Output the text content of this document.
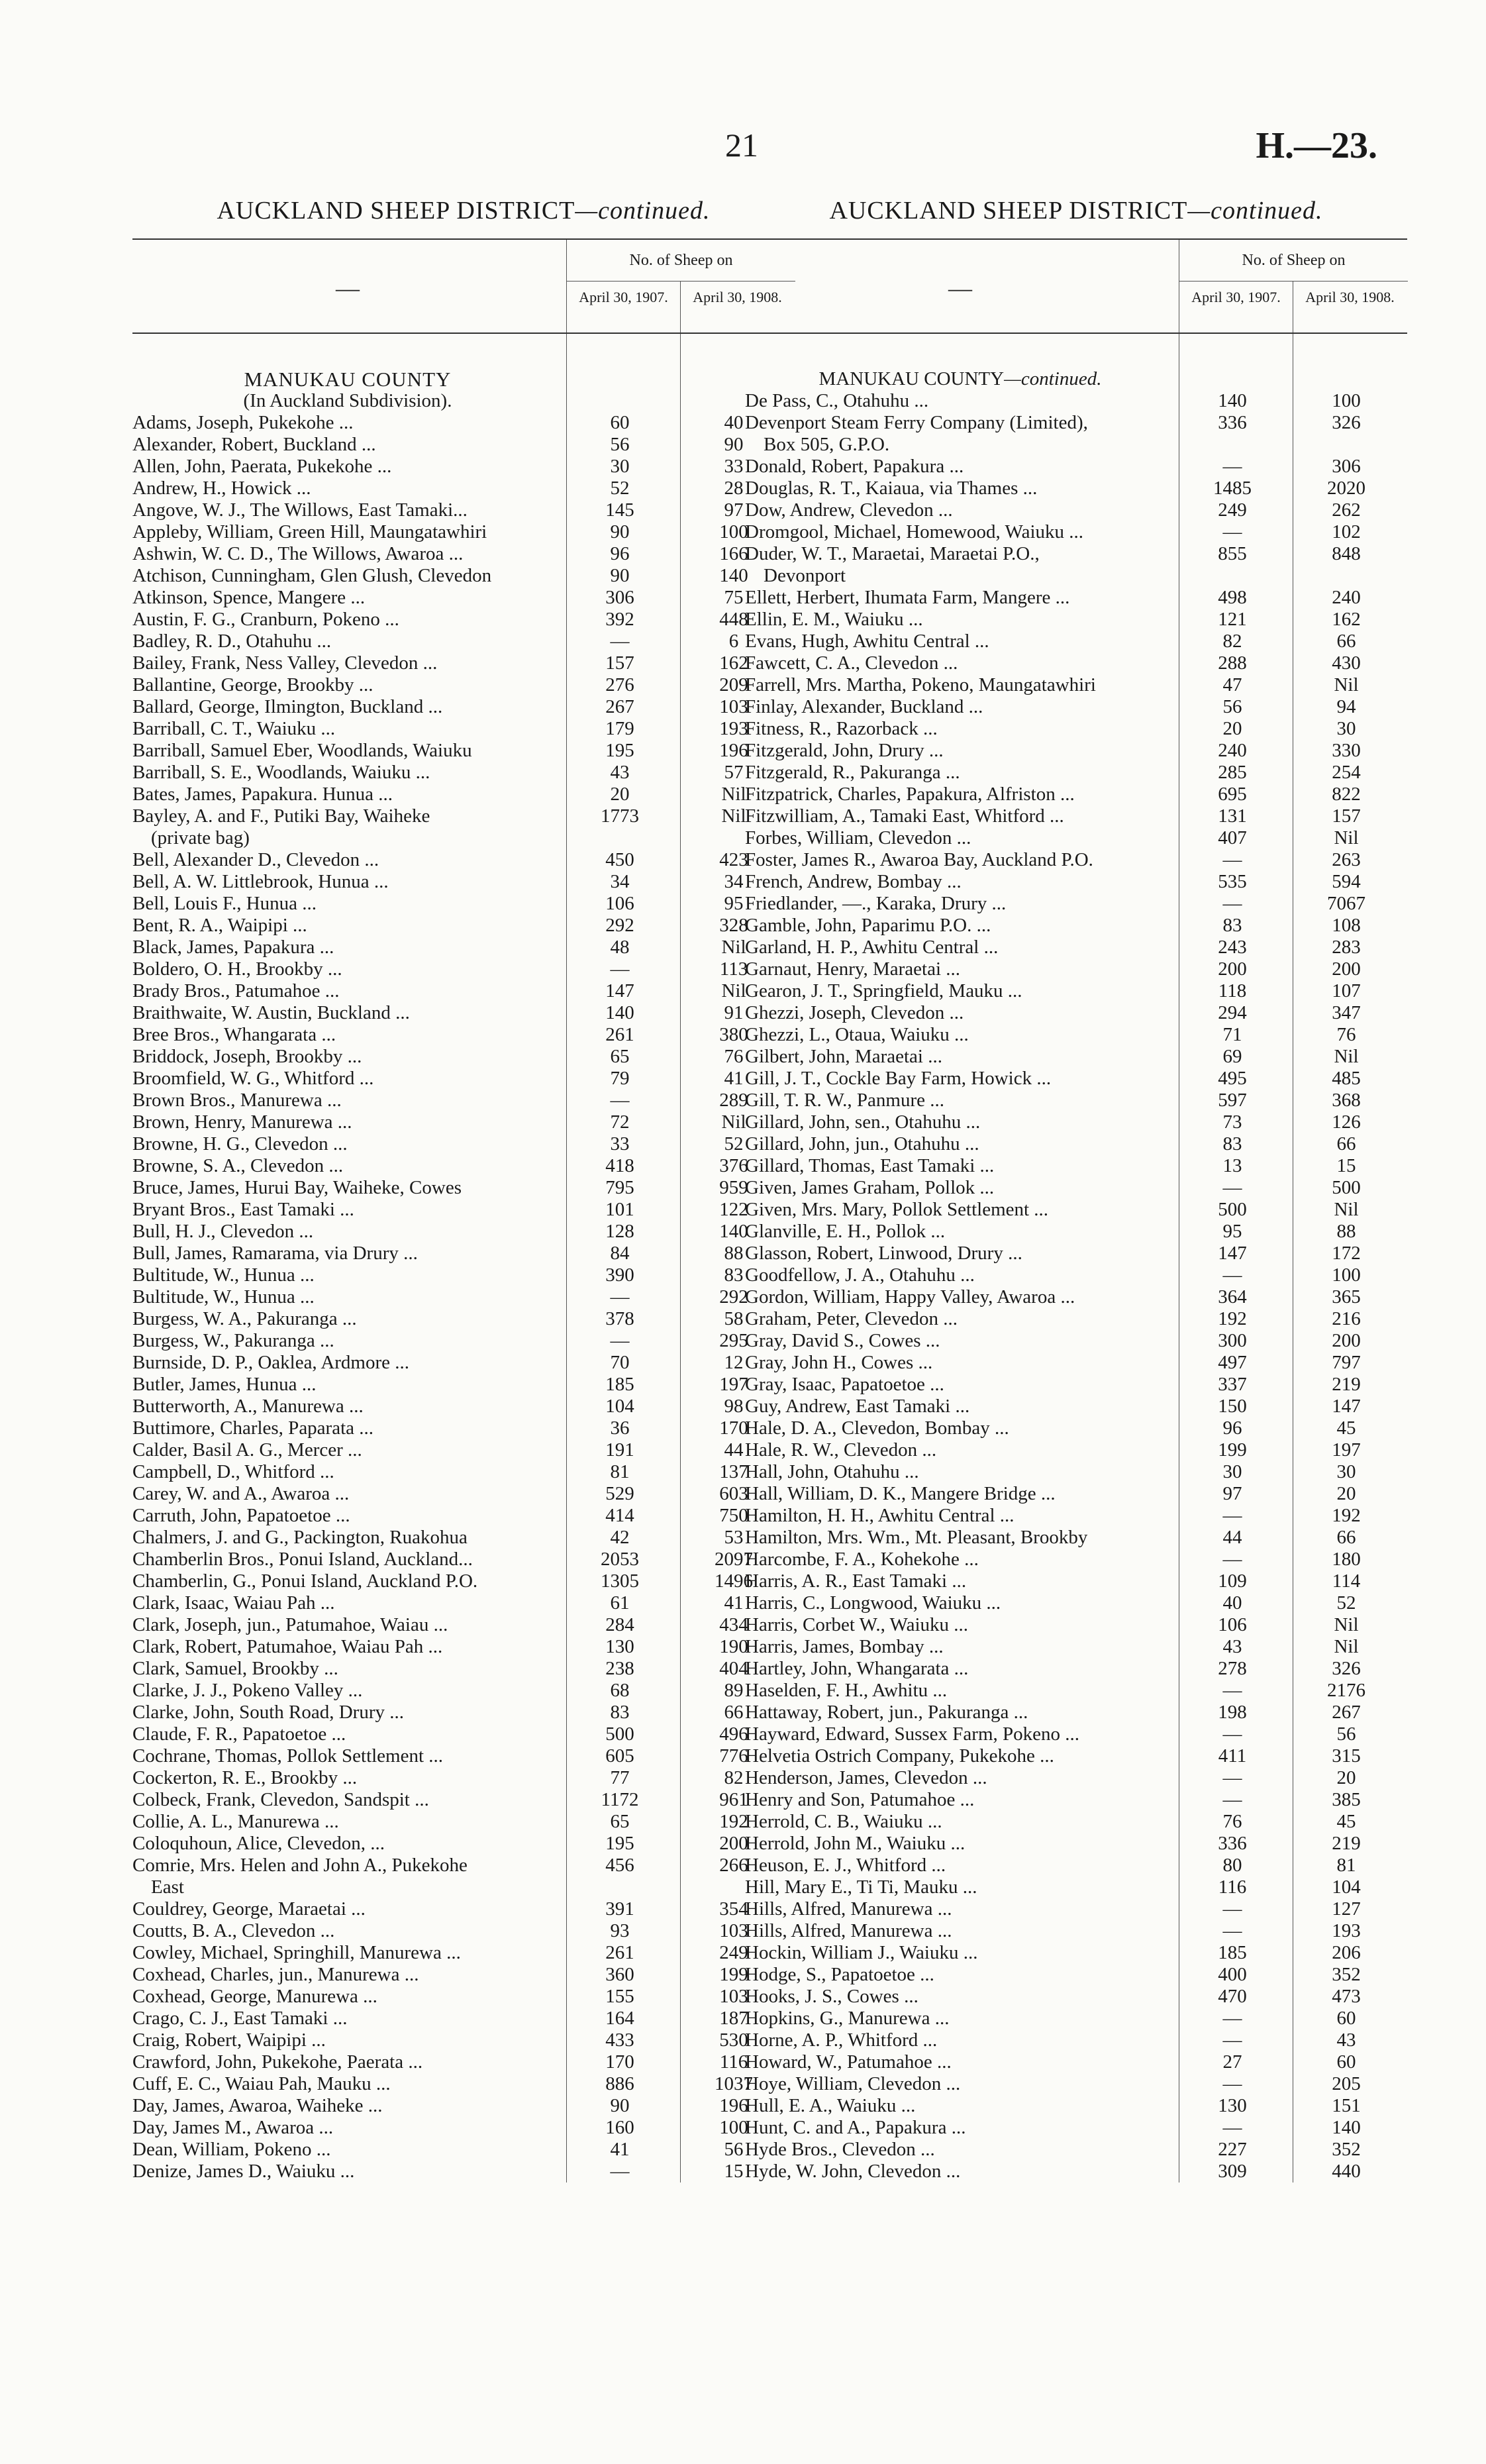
21	H.—23.
AUCKLAND SHEEP DISTRICT—continued.
—
No. of Sheep on
April 30, 1907.	April 30, 1908.
MANUKAU COUNTY
(In Auckland Subdivision).
Adams, Joseph, Pukekohe ...	60	40
Alexander, Robert, Buckland ...	56	90
Allen, John, Paerata, Pukekohe ...	30	33
Andrew, H., Howick ...	52	28
Angove, W. J., The Willows, East Tamaki...	145	97
Appleby, William, Green Hill, Maungatawhiri	90	100
Ashwin, W. C. D., The Willows, Awaroa ...	96	166
Atchison, Cunningham, Glen Glush, Clevedon	90	140
Atkinson, Spence, Mangere ...	306	75
Austin, F. G., Cranburn, Pokeno ...	392	448
Badley, R. D., Otahuhu ...	—	6
Bailey, Frank, Ness Valley, Clevedon ...	157	162
Ballantine, George, Brookby ...	276	209
Ballard, George, Ilmington, Buckland ...	267	103
Barriball, C. T., Waiuku ...	179	193
Barriball, Samuel Eber, Woodlands, Waiuku	195	196
Barriball, S. E., Woodlands, Waiuku ...	43	57
Bates, James, Papakura. Hunua ...	20	Nil
Bayley, A. and F., Putiki Bay, Waiheke	1773	Nil
(private bag)
Bell, Alexander D., Clevedon ...	450	423
Bell, A. W. Littlebrook, Hunua ...	34	34
Bell, Louis F., Hunua ...	106	95
Bent, R. A., Waipipi ...	292	328
Black, James, Papakura ...	48	Nil
Boldero, O. H., Brookby ...	—	113
Brady Bros., Patumahoe ...	147	Nil
Braithwaite, W. Austin, Buckland ...	140	91
Bree Bros., Whangarata ...	261	380
Briddock, Joseph, Brookby ...	65	76
Broomfield, W. G., Whitford ...	79	41
Brown Bros., Manurewa ...	—	289
Brown, Henry, Manurewa ...	72	Nil
Browne, H. G., Clevedon ...	33	52
Browne, S. A., Clevedon ...	418	376
Bruce, James, Hurui Bay, Waiheke, Cowes	795	959
Bryant Bros., East Tamaki ...	101	122
Bull, H. J., Clevedon ...	128	140
Bull, James, Ramarama, via Drury ...	84	88
Bultitude, W., Hunua ...	390	83
Bultitude, W., Hunua ...	—	292
Burgess, W. A., Pakuranga ...	378	58
Burgess, W., Pakuranga ...	—	295
Burnside, D. P., Oaklea, Ardmore ...	70	12
Butler, James, Hunua ...	185	197
Butterworth, A., Manurewa ...	104	98
Buttimore, Charles, Paparata ...	36	170
Calder, Basil A. G., Mercer ...	191	44
Campbell, D., Whitford ...	81	137
Carey, W. and A., Awaroa ...	529	603
Carruth, John, Papatoetoe ...	414	750
Chalmers, J. and G., Packington, Ruakohua	42	53
Chamberlin Bros., Ponui Island, Auckland...	2053	2097
Chamberlin, G., Ponui Island, Auckland P.O.	1305	1496
Clark, Isaac, Waiau Pah ...	61	41
Clark, Joseph, jun., Patumahoe, Waiau ...	284	434
Clark, Robert, Patumahoe, Waiau Pah ...	130	190
Clark, Samuel, Brookby ...	238	404
Clarke, J. J., Pokeno Valley ...	68	89
Clarke, John, South Road, Drury ...	83	66
Claude, F. R., Papatoetoe ...	500	496
Cochrane, Thomas, Pollok Settlement ...	605	776
Cockerton, R. E., Brookby ...	77	82
Colbeck, Frank, Clevedon, Sandspit ...	1172	961
Collie, A. L., Manurewa ...	65	192
Coloquhoun, Alice, Clevedon, ...	195	200
Comrie, Mrs. Helen and John A., Pukekohe	456	266
East
Couldrey, George, Maraetai ...	391	354
Coutts, B. A., Clevedon ...	93	103
Cowley, Michael, Springhill, Manurewa ...	261	249
Coxhead, Charles, jun., Manurewa ...	360	199
Coxhead, George, Manurewa ...	155	103
Crago, C. J., East Tamaki ...	164	187
Craig, Robert, Waipipi ...	433	530
Crawford, John, Pukekohe, Paerata ...	170	116
Cuff, E. C., Waiau Pah, Mauku ...	886	1037
Day, James, Awaroa, Waiheke ...	90	196
Day, James M., Awaroa ...	160	100
Dean, William, Pokeno ...	41	56
Denize, James D., Waiuku ...	—	15
AUCKLAND SHEEP DISTRICT—continued.
—
No. of Sheep on
April 30, 1907.	April 30, 1908.
MANUKAU COUNTY—continued.
De Pass, C., Otahuhu ...	140	100
Devenport Steam Ferry Company (Limited),	336	326
Box 505, G.P.O.
Donald, Robert, Papakura ...	—	306
Douglas, R. T., Kaiaua, via Thames ...	1485	2020
Dow, Andrew, Clevedon ...	249	262
Dromgool, Michael, Homewood, Waiuku ...	—	102
Duder, W. T., Maraetai, Maraetai P.O.,	855	848
Devonport
Ellett, Herbert, Ihumata Farm, Mangere ...	498	240
Ellin, E. M., Waiuku ...	121	162
Evans, Hugh, Awhitu Central ...	82	66
Fawcett, C. A., Clevedon ...	288	430
Farrell, Mrs. Martha, Pokeno, Maungatawhiri	47	Nil
Finlay, Alexander, Buckland ...	56	94
Fitness, R., Razorback ...	20	30
Fitzgerald, John, Drury ...	240	330
Fitzgerald, R., Pakuranga ...	285	254
Fitzpatrick, Charles, Papakura, Alfriston ...	695	822
Fitzwilliam, A., Tamaki East, Whitford ...	131	157
Forbes, William, Clevedon ...	407	Nil
Foster, James R., Awaroa Bay, Auckland P.O.	—	263
French, Andrew, Bombay ...	535	594
Friedlander, —., Karaka, Drury ...	—	7067
Gamble, John, Paparimu P.O. ...	83	108
Garland, H. P., Awhitu Central ...	243	283
Garnaut, Henry, Maraetai ...	200	200
Gearon, J. T., Springfield, Mauku ...	118	107
Ghezzi, Joseph, Clevedon ...	294	347
Ghezzi, L., Otaua, Waiuku ...	71	76
Gilbert, John, Maraetai ...	69	Nil
Gill, J. T., Cockle Bay Farm, Howick ...	495	485
Gill, T. R. W., Panmure ...	597	368
Gillard, John, sen., Otahuhu ...	73	126
Gillard, John, jun., Otahuhu ...	83	66
Gillard, Thomas, East Tamaki ...	13	15
Given, James Graham, Pollok ...	—	500
Given, Mrs. Mary, Pollok Settlement ...	500	Nil
Glanville, E. H., Pollok ...	95	88
Glasson, Robert, Linwood, Drury ...	147	172
Goodfellow, J. A., Otahuhu ...	—	100
Gordon, William, Happy Valley, Awaroa ...	364	365
Graham, Peter, Clevedon ...	192	216
Gray, David S., Cowes ...	300	200
Gray, John H., Cowes ...	497	797
Gray, Isaac, Papatoetoe ...	337	219
Guy, Andrew, East Tamaki ...	150	147
Hale, D. A., Clevedon, Bombay ...	96	45
Hale, R. W., Clevedon ...	199	197
Hall, John, Otahuhu ...	30	30
Hall, William, D. K., Mangere Bridge ...	97	20
Hamilton, H. H., Awhitu Central ...	—	192
Hamilton, Mrs. Wm., Mt. Pleasant, Brookby	44	66
Harcombe, F. A., Kohekohe ...	—	180
Harris, A. R., East Tamaki ...	109	114
Harris, C., Longwood, Waiuku ...	40	52
Harris, Corbet W., Waiuku ...	106	Nil
Harris, James, Bombay ...	43	Nil
Hartley, John, Whangarata ...	278	326
Haselden, F. H., Awhitu ...	—	2176
Hattaway, Robert, jun., Pakuranga ...	198	267
Hayward, Edward, Sussex Farm, Pokeno ...	—	56
Helvetia Ostrich Company, Pukekohe ...	411	315
Henderson, James, Clevedon ...	—	20
Henry and Son, Patumahoe ...	—	385
Herrold, C. B., Waiuku ...	76	45
Herrold, John M., Waiuku ...	336	219
Heuson, E. J., Whitford ...	80	81
Hill, Mary E., Ti Ti, Mauku ...	116	104
Hills, Alfred, Manurewa ...	—	127
Hills, Alfred, Manurewa ...	—	193
Hockin, William J., Waiuku ...	185	206
Hodge, S., Papatoetoe ...	400	352
Hooks, J. S., Cowes ...	470	473
Hopkins, G., Manurewa ...	—	60
Horne, A. P., Whitford ...	—	43
Howard, W., Patumahoe ...	27	60
Hoye, William, Clevedon ...	—	205
Hull, E. A., Waiuku ...	130	151
Hunt, C. and A., Papakura ...	—	140
Hyde Bros., Clevedon ...	227	352
Hyde, W. John, Clevedon ...	309	440
